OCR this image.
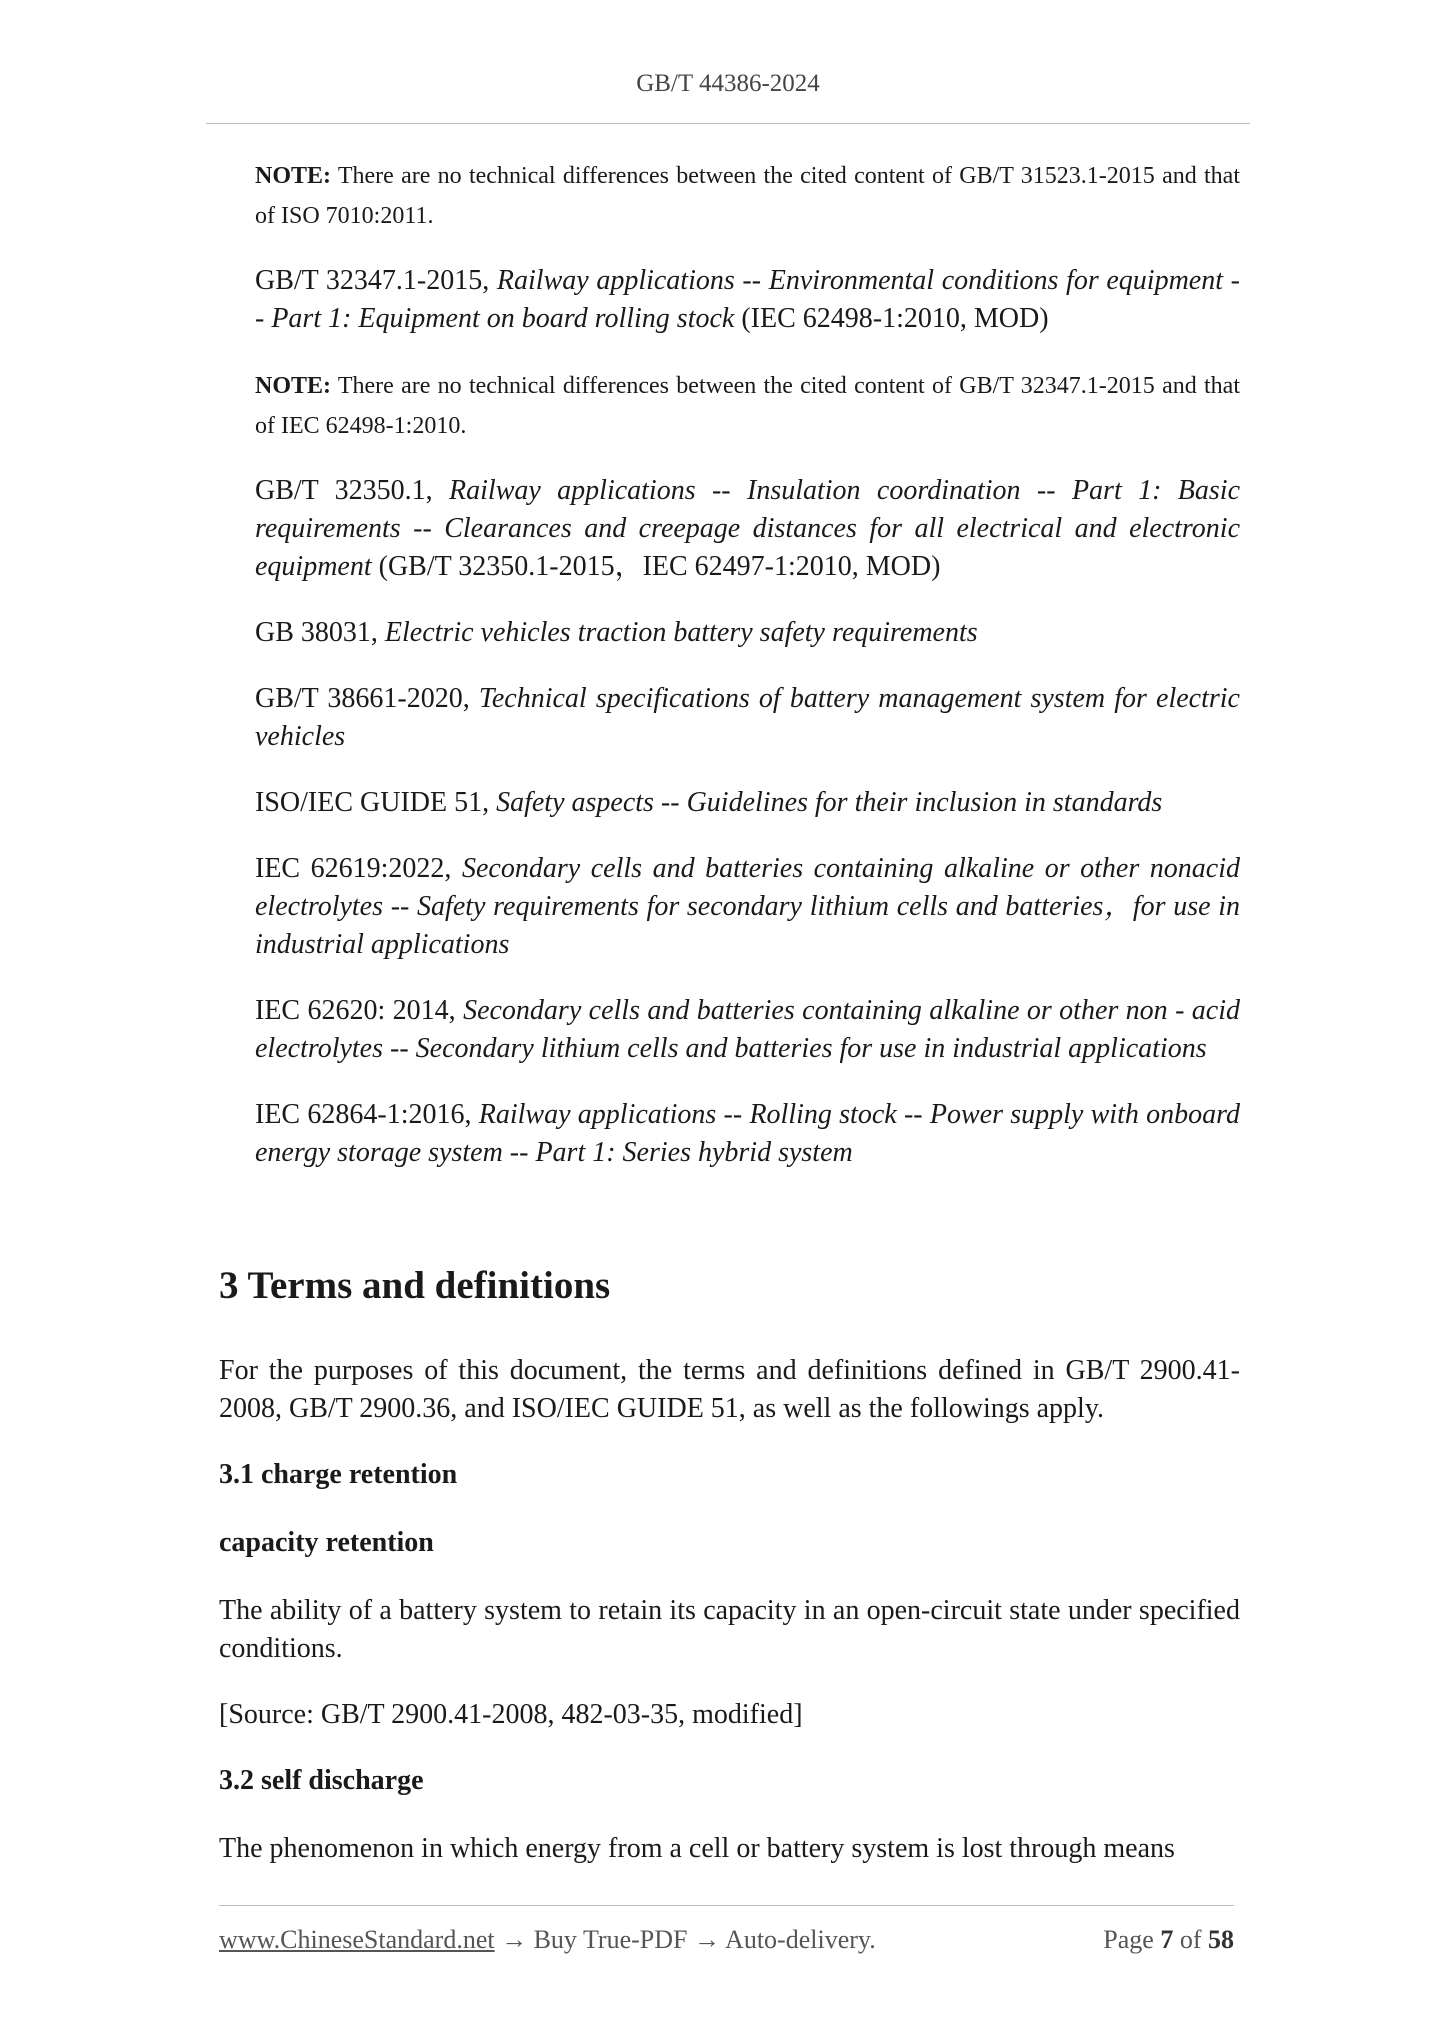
GB/T 44386-2024

NOTE: There are no technical differences between the cited content of GB/T 31523.1-2015 and that of ISO 7010:2011.

GB/T 32347.1-2015, Railway applications -- Environmental conditions for equipment -- Part 1: Equipment on board rolling stock (IEC 62498-1:2010, MOD)

NOTE: There are no technical differences between the cited content of GB/T 32347.1-2015 and that of IEC 62498-1:2010.

GB/T 32350.1, Railway applications -- Insulation coordination -- Part 1: Basic requirements -- Clearances and creepage distances for all electrical and electronic equipment (GB/T 32350.1-2015，IEC 62497-1:2010, MOD)

GB 38031, Electric vehicles traction battery safety requirements

GB/T 38661-2020, Technical specifications of battery management system for electric vehicles

ISO/IEC GUIDE 51, Safety aspects -- Guidelines for their inclusion in standards

IEC 62619:2022, Secondary cells and batteries containing alkaline or other nonacid electrolytes -- Safety requirements for secondary lithium cells and batteries，for use in industrial applications

IEC 62620: 2014, Secondary cells and batteries containing alkaline or other non - acid electrolytes -- Secondary lithium cells and batteries for use in industrial applications

IEC 62864-1:2016, Railway applications -- Rolling stock -- Power supply with onboard energy storage system -- Part 1: Series hybrid system

3 Terms and definitions

For the purposes of this document, the terms and definitions defined in GB/T 2900.41-2008, GB/T 2900.36, and ISO/IEC GUIDE 51, as well as the followings apply.

3.1 charge retention
capacity retention

The ability of a battery system to retain its capacity in an open-circuit state under specified conditions.

[Source: GB/T 2900.41-2008, 482-03-35, modified]

3.2 self discharge

The phenomenon in which energy from a cell or battery system is lost through means

www.ChineseStandard.net → Buy True-PDF → Auto-delivery.	Page 7 of 58
